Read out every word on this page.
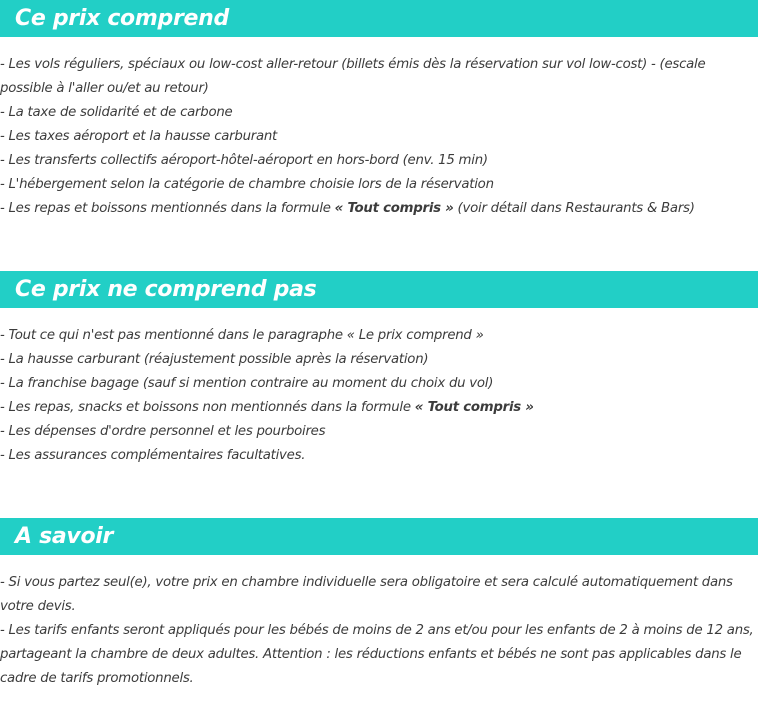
Ce prix comprend
- Les vols réguliers, spéciaux ou low-cost aller-retour (billets émis dès la réservation sur vol low-cost) - (escale possible à l'aller ou/et au retour)
- La taxe de solidarité et de carbone
- Les taxes aéroport et la hausse carburant
- Les transferts collectifs aéroport-hôtel-aéroport en hors-bord (env. 15 min)
- L'hébergement selon la catégorie de chambre choisie lors de la réservation
- Les repas et boissons mentionnés dans la formule « Tout compris » (voir détail dans Restaurants & Bars)
Ce prix ne comprend pas
- Tout ce qui n'est pas mentionné dans le paragraphe « Le prix comprend »
- La hausse carburant (réajustement possible après la réservation)
- La franchise bagage (sauf si mention contraire au moment du choix du vol)
- Les repas, snacks et boissons non mentionnés dans la formule « Tout compris »
- Les dépenses d'ordre personnel et les pourboires
- Les assurances complémentaires facultatives.
A savoir
- Si vous partez seul(e), votre prix en chambre individuelle sera obligatoire et sera calculé automatiquement dans votre devis.
- Les tarifs enfants seront appliqués pour les bébés de moins de 2 ans et/ou pour les enfants de 2 à moins de 12 ans, partageant la chambre de deux adultes. Attention : les réductions enfants et bébés ne sont pas applicables dans le cadre de tarifs promotionnels.
